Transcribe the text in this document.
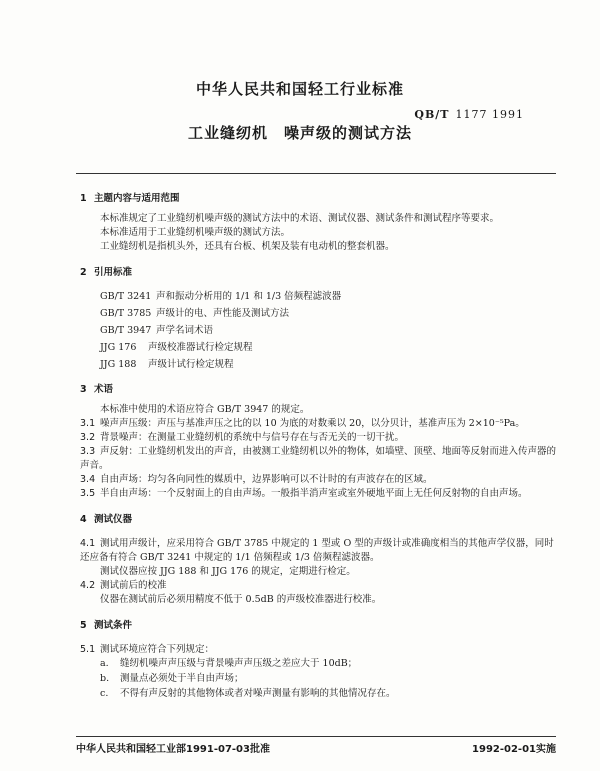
中华人民共和国轻工行业标准
QB/T 1177 1991
工业缝纫机 噪声级的测试方法
1 主题内容与适用范围

本标准规定了工业缝纫机噪声级的测试方法中的术语、测试仪器、测试条件和测试程序等要求。

本标准适用于工业缝纫机噪声级的测试方法。

工业缝纫机是指机头外，还具有台板、机架及装有电动机的整套机器。

2 引用标准
GB/T 3241 声和振动分析用的 1/1 和 1/3 倍频程滤波器
GB/T 3785 声级计的电、声性能及测试方法
GB/T 3947 声学名词术语
JJG 176 声级校准器试行检定规程
JJG 188 声级计试行检定规程
3 术语

本标准中使用的术语应符合 GB/T 3947 的规定。

3.1 噪声声压级：声压与基准声压之比的以 10 为底的对数乘以 20，以分贝计，基准声压为 2×10⁻⁵Pa。

3.2 背景噪声：在测量工业缝纫机的系统中与信号存在与否无关的一切干扰。

3.3 声反射：工业缝纫机发出的声音，由被测工业缝纫机以外的物体，如墙壁、顶壁、地面等反射而进入传声器的声音。

3.4 自由声场：均匀各向同性的媒质中，边界影响可以不计时的有声波存在的区域。

3.5 半自由声场：一个反射面上的自由声场。一般指半消声室或室外硬地平面上无任何反射物的自由声场。

4 测试仪器

4.1 测试用声级计，应采用符合 GB/T 3785 中规定的 1 型或 O 型的声级计或准确度相当的其他声学仪器，同时还应备有符合 GB/T 3241 中规定的 1/1 倍频程或 1/3 倍频程滤波器。

测试仪器应按 JJG 188 和 JJG 176 的规定，定期进行检定。

4.2 测试前后的校准

仪器在测试前后必须用精度不低于 0.5dB 的声级校准器进行校准。

5 测试条件

5.1 测试环境应符合下列规定：

a. 缝纫机噪声声压级与背景噪声声压级之差应大于 10dB；

b. 测量点必须处于半自由声场；

c. 不得有声反射的其他物体或者对噪声测量有影响的其他情况存在。

中华人民共和国轻工业部1991-07-03批准	1992-02-01实施
